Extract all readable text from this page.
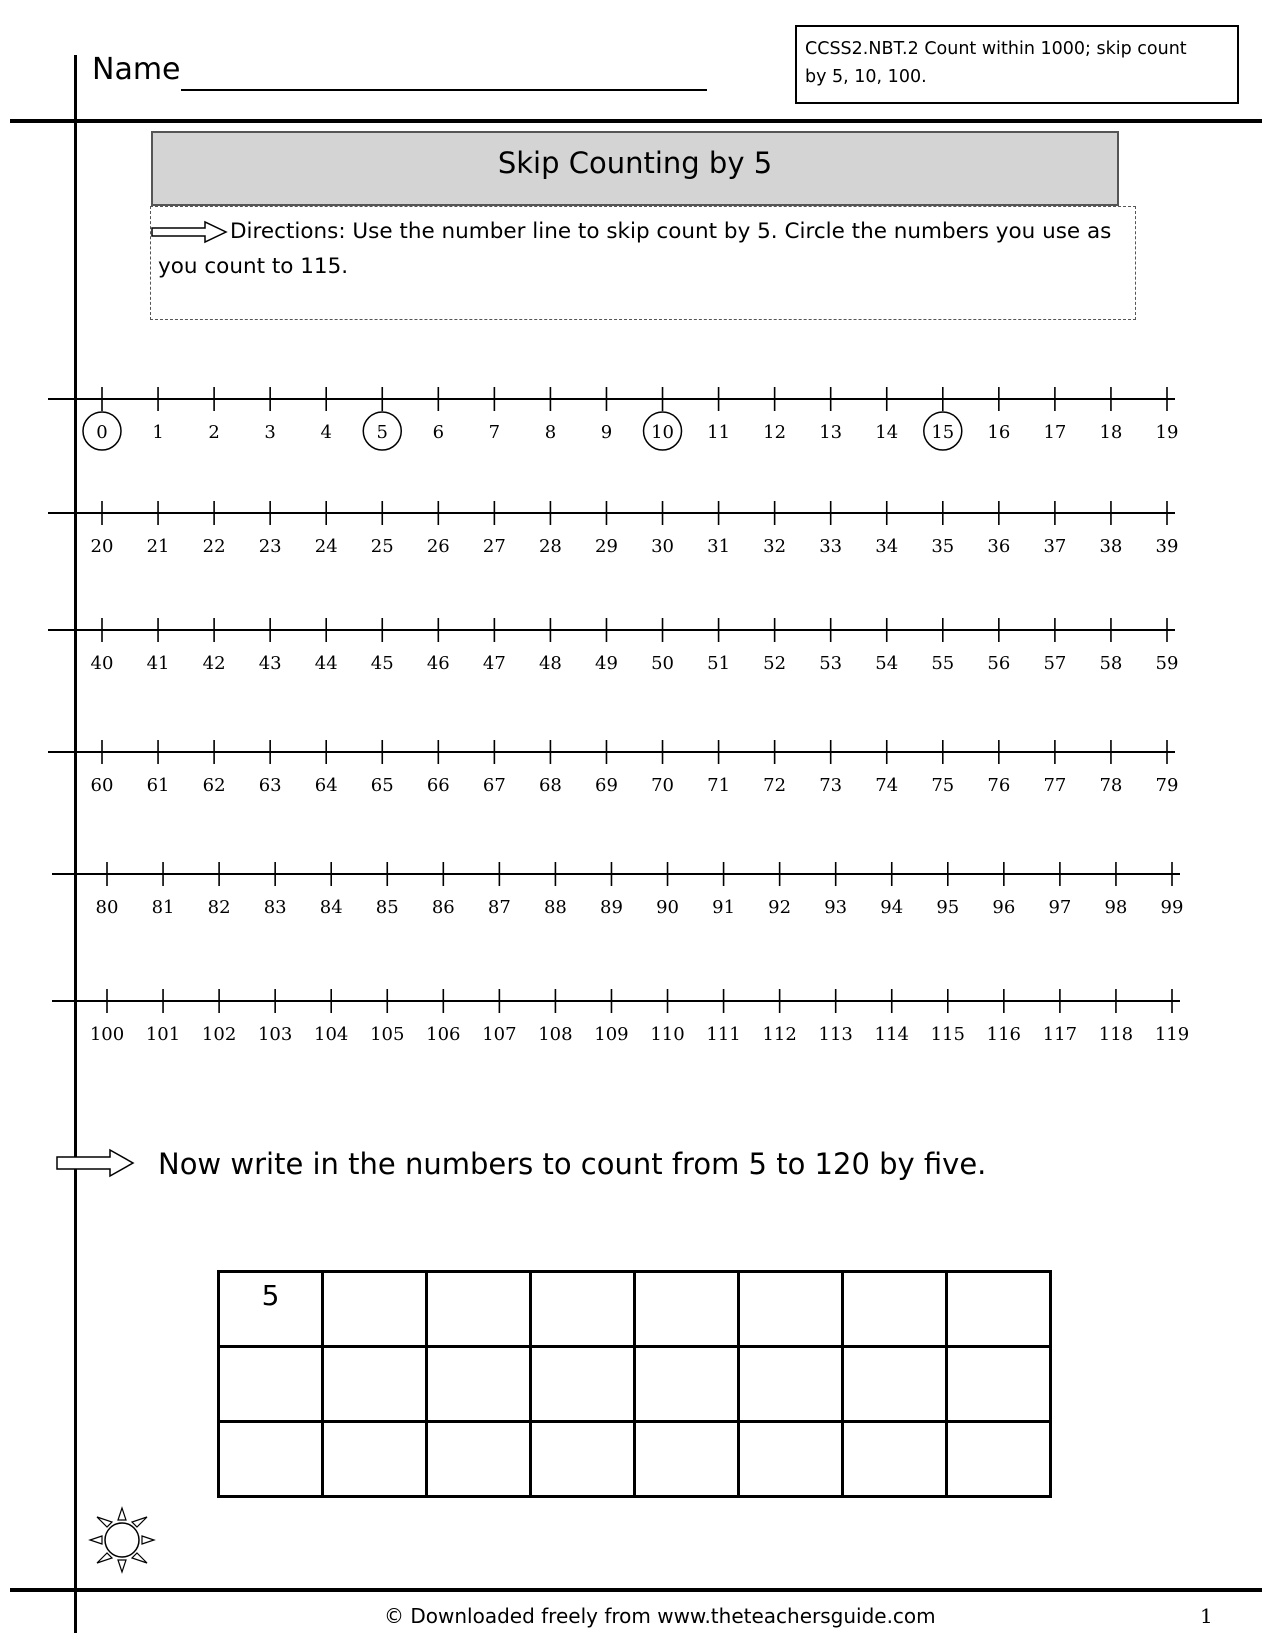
Name
CCSS2.NBT.2 Count within 1000; skip count
by 5, 10, 100.
Skip Counting by 5
Directions: Use the number line to skip count by 5. Circle the numbers you use as you count to 115.
0 1 2 3 4 5 6 7 8 9 10 11 12 13 14 15 16 17 18 19
20 21 22 23 24 25 26 27 28 29 30 31 32 33 34 35 36 37 38 39
40 41 42 43 44 45 46 47 48 49 50 51 52 53 54 55 56 57 58 59
60 61 62 63 64 65 66 67 68 69 70 71 72 73 74 75 76 77 78 79
80 81 82 83 84 85 86 87 88 89 90 91 92 93 94 95 96 97 98 99
100 101 102 103 104 105 106 107 108 109 110 111 112 113 114 115 116 117 118 119
Now write in the numbers to count from 5 to 120 by five.
5							

© Downloaded freely from www.theteachersguide.com	1
